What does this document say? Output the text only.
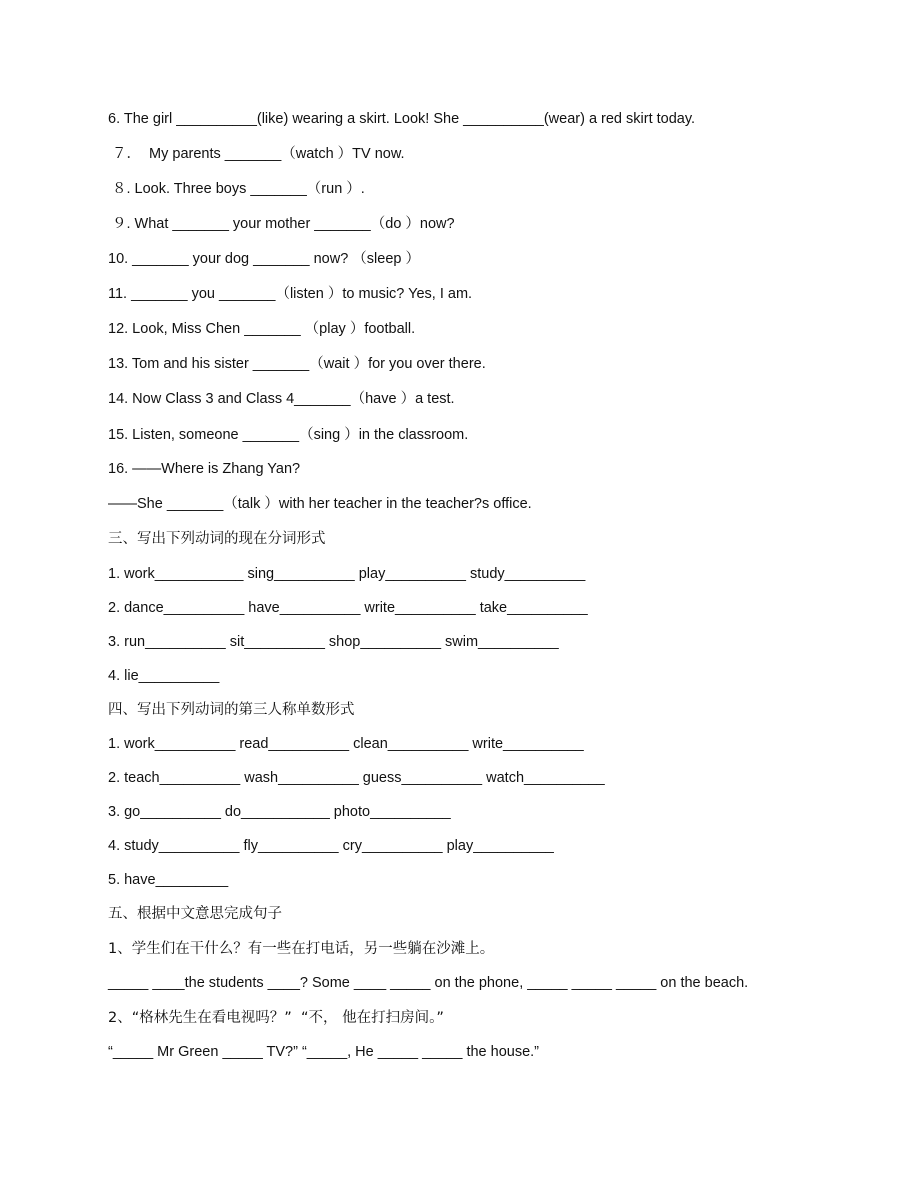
6. The girl __________(like) wearing a skirt. Look! She __________(wear) a red skirt today.
７．  My parents _______（watch ）TV now.
８. Look. Three boys _______（run ）.
９. What _______ your mother _______（do ）now?
10. _______ your dog _______ now? （sleep ）
11. _______ you _______（listen ）to music? Yes, I am.
12. Look, Miss Chen _______ （play ）football.
13. Tom and his sister _______（wait ）for you over there.
14. Now Class 3 and Class 4_______（have ）a test.
15. Listen, someone _______（sing ）in the classroom.
16. ——Where is Zhang Yan?
——She _______（talk ）with her teacher in the teacher?s office.
三、写出下列动词的现在分词形式
1. work___________ sing__________ play__________ study__________
2. dance__________ have__________ write__________ take__________
3. run__________ sit__________ shop__________ swim__________
4. lie__________
四、写出下列动词的第三人称单数形式
1. work__________ read__________ clean__________ write__________
2. teach__________ wash__________ guess__________ watch__________
3. go__________ do___________ photo__________
4. study__________ fly__________ cry__________ play__________
5. have_________
五、根据中文意思完成句子
1、学生们在干什么？有一些在打电话，另一些躺在沙滩上。
_____ ____the students ____? Some ____ _____ on the phone, _____ _____ _____ on the beach.
2、“格林先生在看电视吗？”  “不， 他在打扫房间。”
“_____ Mr Green _____ TV?” “_____, He _____ _____ the house.”
